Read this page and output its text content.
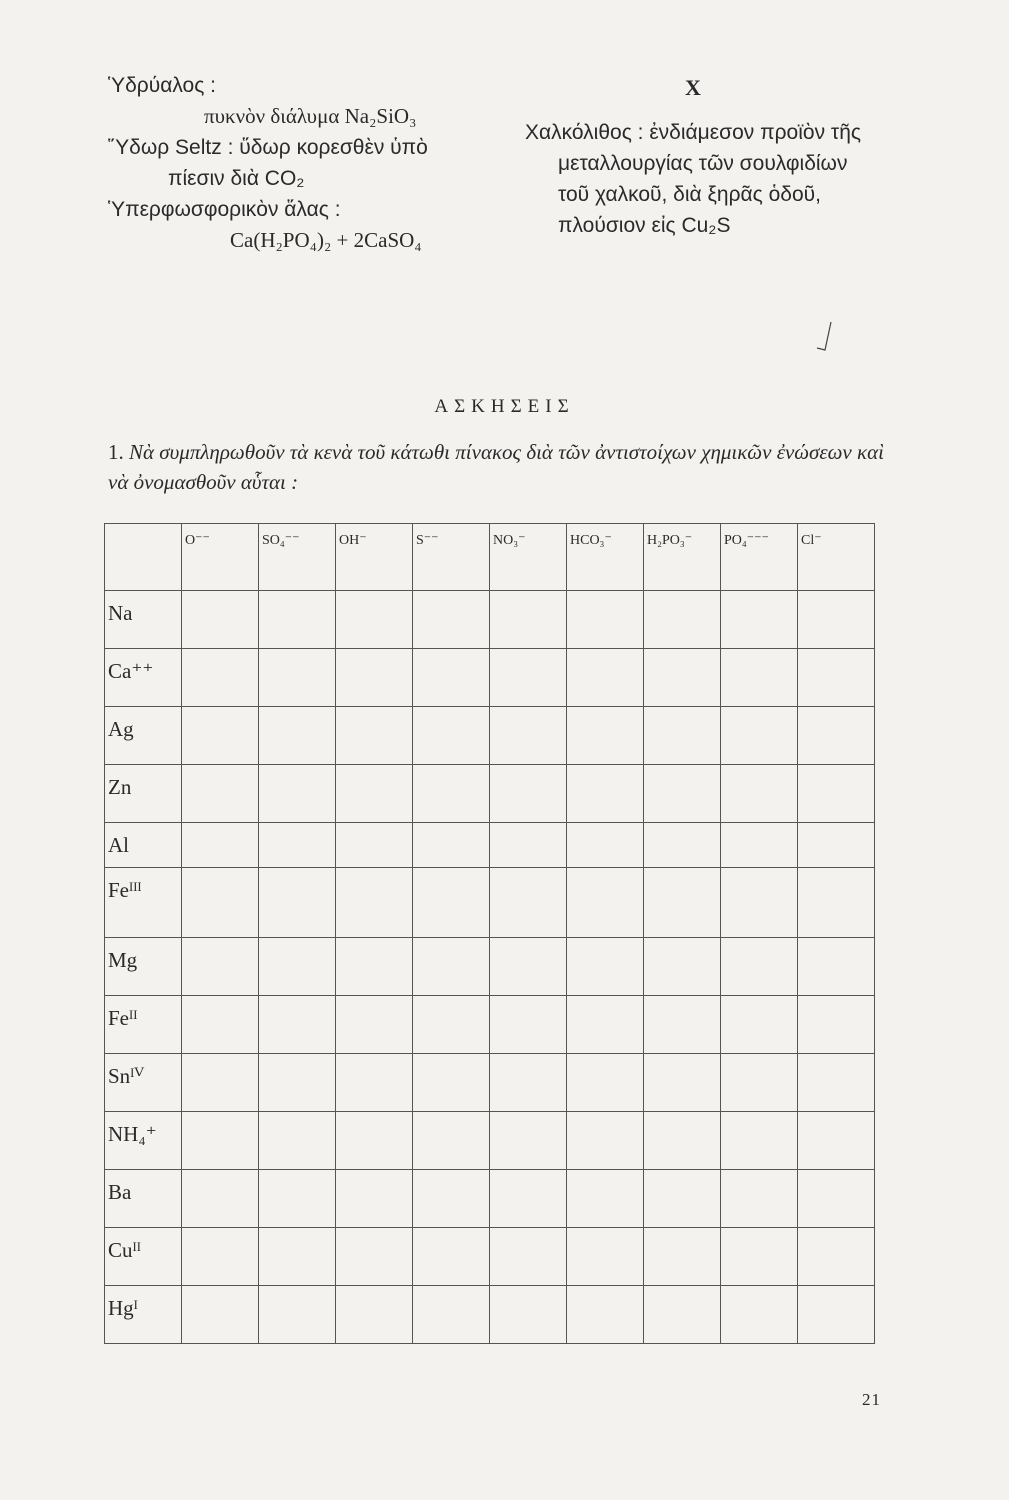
Ὑδρύαλος :
πυκνὸν διάλυμα Na₂SiO₃
Ὕδωρ Seltz : ὕδωρ κορεσθὲν ὑπὸ
πίεσιν διὰ CO₂
Ὑπερφωσφορικὸν ἅλας :
Ca(H₂PO₄)₂ + 2CaSO₄
X
Χαλκόλιθος : ἐνδιάμεσον προϊὸν τῆς
μεταλλουργίας τῶν σουλφιδίων
τοῦ χαλκοῦ, διὰ ξηρᾶς ὁδοῦ,
πλούσιον εἰς Cu₂S
ΑΣΚΗΣΕΙΣ
1. Νὰ συμπληρωθοῦν τὰ κενὰ τοῦ κάτωθι πίνακος διὰ τῶν ἀντιστοίχων χημικῶν ἐνώσεων καὶ νὰ ὀνομασθοῦν αὗται :
	O⁻⁻	SO₄⁻⁻	OH⁻	S⁻⁻	NO₃⁻	HCO₃⁻	H₂PO₃⁻	PO₄⁻⁻⁻	Cl⁻
Na									
Ca⁺⁺									
Ag									
Zn									
Al									
Feᴵᴵᴵ									
Mg									
Feᴵᴵ									
Snᴵⱽ									
NH₄⁺									
Ba									
Cuᴵᴵ									
Hgᴵ									
21
